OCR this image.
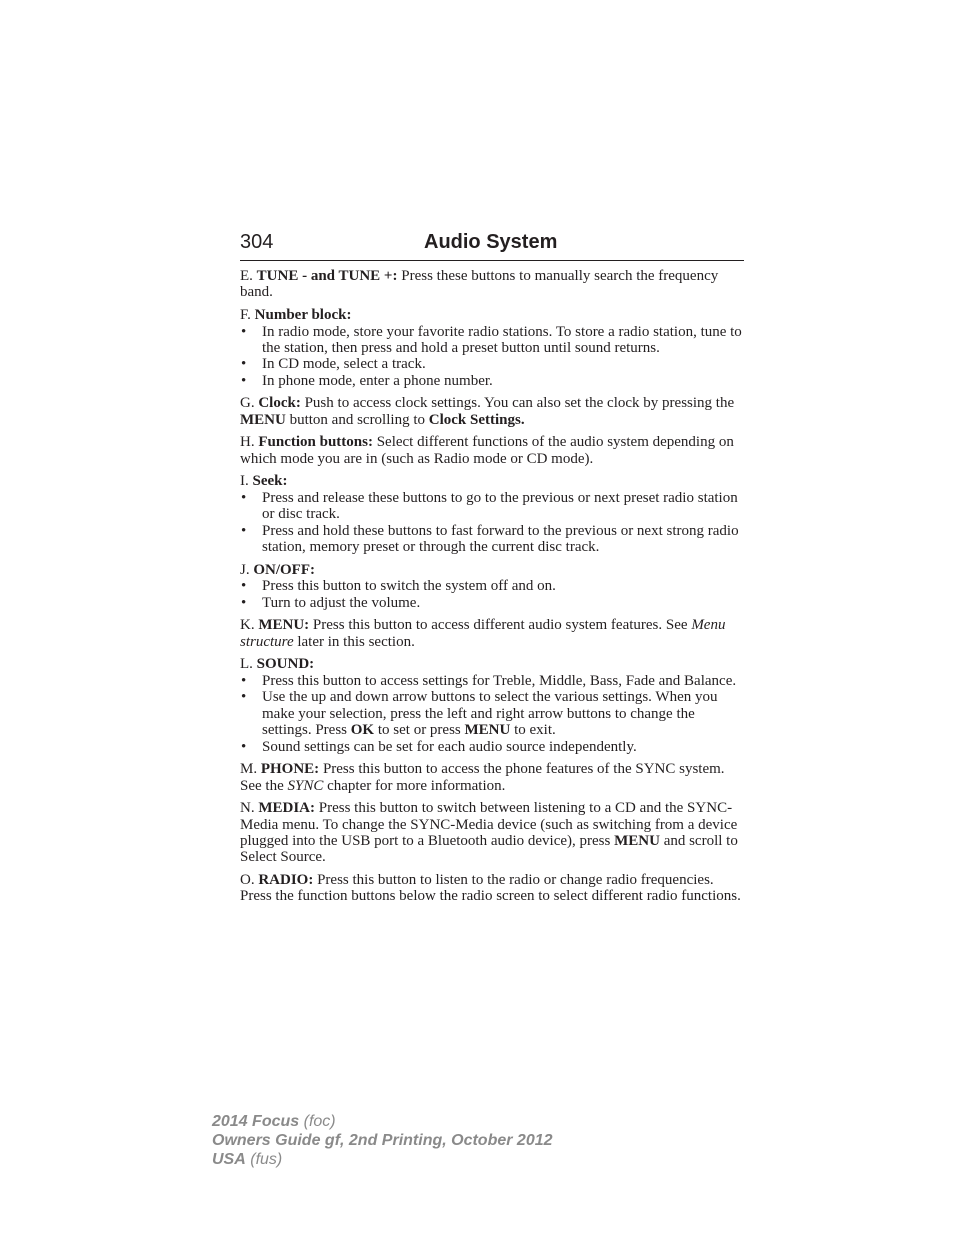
304	Audio System

E. TUNE - and TUNE +: Press these buttons to manually search the frequency band.

F. Number block:

• In radio mode, store your favorite radio stations. To store a radio station, tune to the station, then press and hold a preset button until sound returns.
• In CD mode, select a track.
• In phone mode, enter a phone number.

G. Clock: Push to access clock settings. You can also set the clock by pressing the MENU button and scrolling to Clock Settings.

H. Function buttons: Select different functions of the audio system depending on which mode you are in (such as Radio mode or CD mode).

I. Seek:

• Press and release these buttons to go to the previous or next preset radio station or disc track.
• Press and hold these buttons to fast forward to the previous or next strong radio station, memory preset or through the current disc track.

J. ON/OFF:

• Press this button to switch the system off and on.
• Turn to adjust the volume.

K. MENU: Press this button to access different audio system features. See Menu structure later in this section.

L. SOUND:

• Press this button to access settings for Treble, Middle, Bass, Fade and Balance.
• Use the up and down arrow buttons to select the various settings. When you make your selection, press the left and right arrow buttons to change the settings. Press OK to set or press MENU to exit.
• Sound settings can be set for each audio source independently.

M. PHONE: Press this button to access the phone features of the SYNC system. See the SYNC chapter for more information.

N. MEDIA: Press this button to switch between listening to a CD and the SYNC-Media menu. To change the SYNC-Media device (such as switching from a device plugged into the USB port to a Bluetooth audio device), press MENU and scroll to Select Source.

O. RADIO: Press this button to listen to the radio or change radio frequencies. Press the function buttons below the radio screen to select different radio functions.

2014 Focus (foc)
Owners Guide gf, 2nd Printing, October 2012
USA (fus)
